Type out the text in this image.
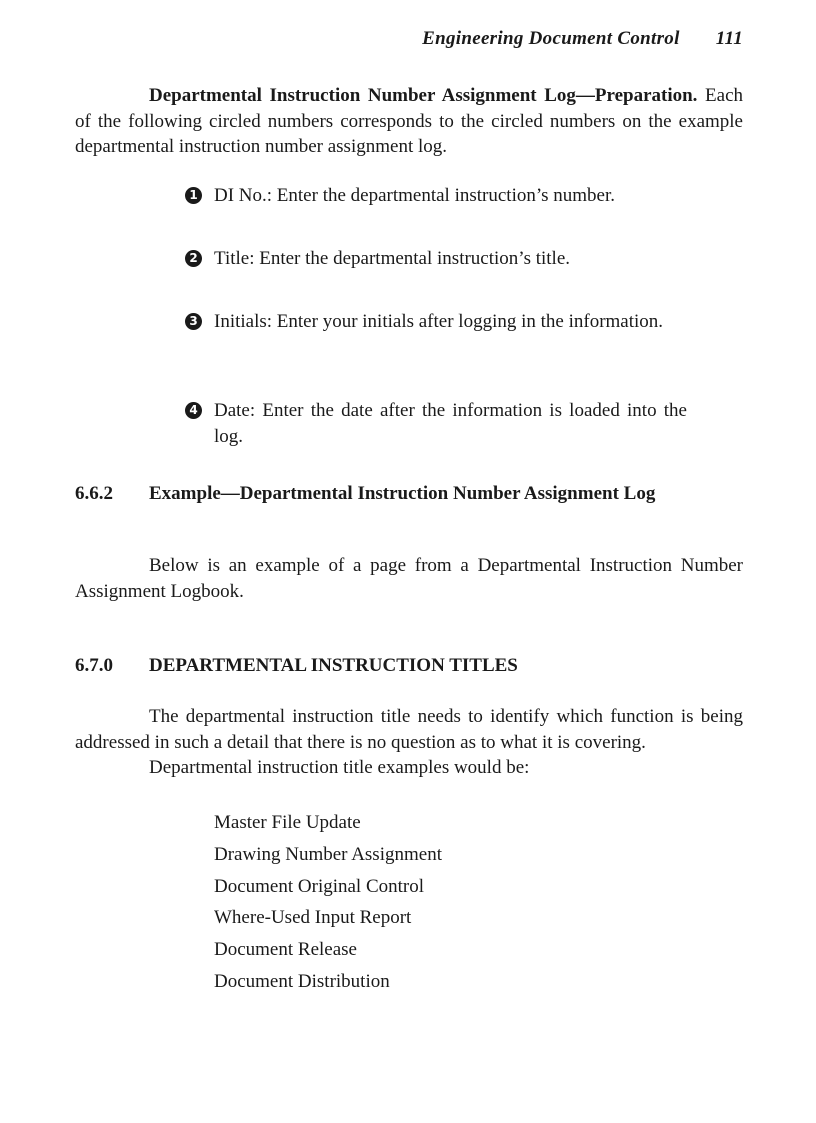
Engineering Document Control 111

Departmental Instruction Number Assignment Log—Preparation. Each of the following circled numbers corresponds to the circled numbers on the example departmental instruction number assignment log.

1 DI No.: Enter the departmental instruction’s number.
2 Title: Enter the departmental instruction’s title.
3 Initials: Enter your initials after logging in the information.
4 Date: Enter the date after the information is loaded into the log.
6.6.2 Example—Departmental Instruction Number Assignment Log

Below is an example of a page from a Departmental Instruction Number Assignment Logbook.

6.7.0 DEPARTMENTAL INSTRUCTION TITLES

The departmental instruction title needs to identify which function is being addressed in such a detail that there is no question as to what it is covering.

Departmental instruction title examples would be:

Master File Update
Drawing Number Assignment
Document Original Control
Where-Used Input Report
Document Release
Document Distribution
